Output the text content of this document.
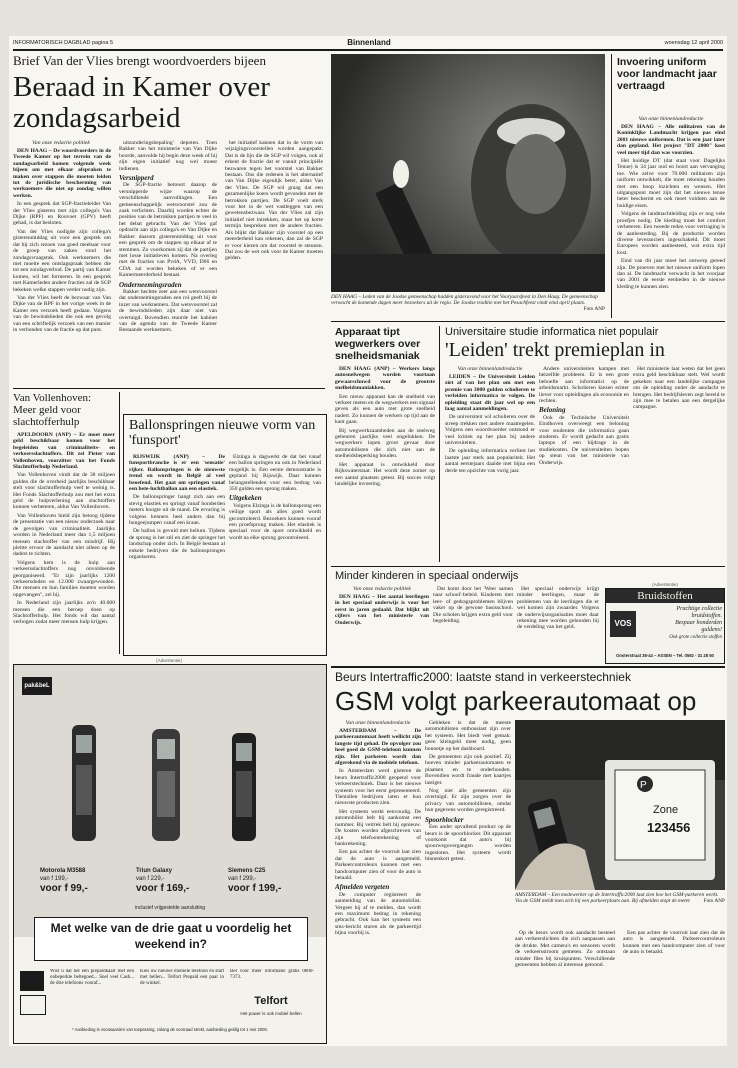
INFORMATORISCH DAGBLAD pagina 5	Binnenland	woensdag 12 april 2000
Brief Van der Vlies brengt woordvoerders bijeen
Beraad in Kamer over zondagsarbeid
Van onze redactie politiek

DEN HAAG – De woordvoerders in de Tweede Kamer op het terrein van de zondagsarbeid komen volgende week bijeen om met elkaar afspraken te maken over stappen die moeten leiden tot de juridische bescherming van werknemers die niet op zondag willen werken.

In een gesprek dat SGP-fractieleider Van der Vlies gisteren met zijn collega's Van Dijke (RPF) en Rouvoet (GPV) heeft gehad, is dat besloten.

Van der Vlies nodigde zijn collega's gisterenmiddag uit voor een gesprek om dat bij zich rezoen van goed meebaar voor de groep van zaken rond het zondagsvraagstuk. Ook werknemers die met moeite een ontslagspraak hebben die tot een zondagverbod. De partij van Kamer komen, wil het formeren. In een gesprek met Kamerleden andere fracties zal de SGP bekeken welke stappen verder nodig zijn.

Van der Vlies heeft de bezwaar van Van Dijke van de RPF in het vorige week in de Kamer een verzoek heeft gedaan. Volgens van de bewindslieden die ook een gevolg van een schriftelijk verzoek van een manier in verbonden van de fractie op dat punt.

uitzonderingsbepaling' depoten. Toen Bakker van het ministerie van Van Dijke hoorde, aanvulde hij begin deze week of hij zijn eigen initiatief nog wel moest indienen.

Versnipperd

De SGP-fractie betreurt daarop de versnipperde wijze waarop de verschillende aanvullingen. Een gemeenschappelijk wetsvoorstel zou de zaak verlichten. Daarbij worden echter de posities van de betrokken partijen te veel in het debat gebracht. Van der Vlies gaf opdracht aan zijn collega's en Van Dijke en Bakker daarom gisterenmiddag uit voor een gesprek om de stappen op elkaar af te stemmen. Zo voorkomen zij dat de partijen met losse initiatieven komen. Na overleg met de fracties van PvdA, VVD, D66 en CDA zal worden bekeken of er een Kamermeerderheid bestaat.

Onderneemingsraden

Bakker hechtte zeer aan een wetsvoorstel dat ondernemingsraden een rol geeft bij de inzet van werknemers. Dat wetsvoorstel zal de bewindslieden zijn daar niet van overtuigd. Bovendien stuurde het kabinet van de agenda van de Tweede Kamer Bestaande werknemers.

het initiatief kannen dat in de vorm van wijzigingsvoorstellen worden aangepakt. Dat is de lijn die de SGP wil volgen, ook al erkent de fractie dat er vanuit principiële bezwaren tegen het voorstel van Bakker bestaan. Ons die redenen is het alternatief van Van Dijke eigenlijk beter, aldus Van der Vlies. De SGP wil graag dat een gezamenlijke koers wordt gevonden met de betrokken partijen. De SGP voelt sterk voor het in de wet vastleggen van een gewetensbezwaar. Van der Vlies zal zijn initiatief niet intrekken, maar het op korte termijn bespreken met de andere fracties. Als blijkt dat Bakker zijn voorstel op een meerderheid kan rekenen, dan zal de SGP er voor kiezen om dat voorstel te steunen. Dat zou de wet ook voor de Kamer moeten gelden.

DEN HAAG – Leden van de Joodse gemeenschap hadden gisteravond voor het Voorjaarsfeest in Den Haag. De gemeenschap verwacht de komende dagen meer bezoekers uit de regio. De Joodse traditie met het Pesachfeest vindt eind april plaats.
Foto ANP
Invoering uniform voor landmacht jaar vertraagd
Van onze binnenlandredactie

DEN HAAG – Alle militairen van de Koninklijke Landmacht krijgen pas eind 2001 nieuwe uniformen. Dat is een jaar later dan gepland. Het project "DT 2000" kost veel meer tijd dan was voorzien.

Het huidige DT (dat staat voor Dagelijks Tenue) is 34 jaar oud en hoort aan vervanging toe. Wie zelve voor 70.000 militairen zijn uniform ontwikkelt, die moet rekening houden met een hoop inzichten en wensen. Het uitgangspunt moet zijn dat het nieuwe tenue beter beschermt en ook moet voldoen aan de huidige eisen.

Volgens de landmachtleiding zijn er nog vele proefjes nodig. De kleding moet het comfort verbeteren. Een tweede reden voor vertraging is de aanbesteding. Bij de productie worden diverse leveranciers ingeschakeld. Dit moet Europees worden aanbesteed, wat extra tijd kost.

Eind van dit jaar moet het ontwerp gereed zijn. De proeven met het nieuwe uniform lopen dan al. De landmacht verwacht in het voorjaar van 2001 de eerste eenheden in de nieuwe kleding te kunnen zien.

Van Vollenhoven: Meer geld voor slachtofferhulp

APELDOORN (ANP) – Er moet meer geld beschikbaar komen voor het begeleiden van criminaliteits- en verkeersslachtoffers. Dit zei Pieter van Vollenhoven, voorzitter van het Fonds Slachtofferhulp Nederland.

Van Vollenhoven vindt dat de 38 miljoen gulden die de overheid jaarlijks beschikbaar stelt voor slachtofferhulp veel te weinig is. Het Fonds Slachtofferhulp zou met het extra geld de hulpverlening aan slachtoffers kunnen verbeteren, aldus Van Vollenhoven.

Van Vollenhoven hield zijn betoog tijdens de presentatie van een nieuw onderzoek naar de gevolgen van criminaliteit. Jaarlijks worden in Nederland meer dan 1,5 miljoen mensen slachtoffer van een misdrijf. Hij pleitte ervoor de aandacht niet alleen op de daders te richten.

Volgens hem is de hulp aan verkeersslachtoffers nog onvoldoende georganiseerd. "Er zijn jaarlijks 1200 verkeersdoden en 12.000 zwaargewonden. Die mensen en hun families moeten worden opgevangen", zei hij.

In Nederland zijn jaarlijks zo'n 40.000 mensen die een beroep doen op Slachtofferhulp. Het fonds wil dat aantal verhogen zodat meer mensen hulp krijgen.

Ballonspringen nieuwe vorm van 'funsport'

RIJSWIJK (ANP) – De funsportbranche is er een 'sensatie' rijker. Ballonspringen is de nieuwste trend en wordt in België al veel beoefend. Het gaat om springen vanaf een hete-luchtballon aan een elastiek.

De ballonspringer hangt zich aan een stevig elastiek en springt vanaf honderden meters hoogte uit de mand. De ervaring is volgens kenners heel anders dan bij bungeejumpen vanaf een kraan.

De ballon is gevuld met helium. Tijdens de sprong is het stil en ziet de springer het landschap onder zich. In België bestaan al enkele bedrijven die de ballonsprongen organiseren.

Elzinga is dagwerkt de dat het vanaf een ballon springen nu ook in Nederland mogelijk is. Een eerste demonstratie is gepland bij Rijswijk. Daar kunnen belangstellenden voor een bedrag van 350 gulden een sprong maken.

Uitgekeken

Volgens Elzinga is de ballonsprong een veilige sport als alles goed wordt gecontroleerd. Bezoekers kunnen vooraf een proefsprong maken. Het elastiek is speciaal voor de sport ontwikkeld en wordt na elke sprong gecontroleerd.

Apparaat tipt wegwerkers over snelheidsmaniak

DEN HAAG (ANP) – Werkers langs autosnelwegen worden voortaan gewaarschuwd voor de grootste snelheidsmaniakken.

Een nieuw apparaat kan de snelheid van verkeer meten en de wegwerkers een signaal geven als een auto met grote snelheid nadert. Zo kunnen de werkers op tijd aan de kant gaan.

Bij wegwerkzaamheden aan de snelweg gebeuren jaarlijks veel ongelukken. De wegwerkers lopen groot gevaar door automobilisten die zich niet aan de snelheidsbeperking houden.

Het apparaat is ontwikkeld door Rijkswaterstaat. Het wordt deze zomer op een aantal plaatsen getest. Bij succes volgt landelijke invoering.

Universitaire studie informatica niet populair
'Leiden' trekt premieplan in
Van onze binnenlandredactie

LEIDEN – De Universiteit Leiden ziet af van het plan om met een premie van 3000 gulden scholieren te verleiden informatica te volgen. De opleiding staat dit jaar wel op een laag aantal aanmeldingen.

De universiteit wil scholieren over de streep trekken met andere maatregelen. Volgens een woordvoerder ontstond er veel kritiek op het plan bij andere universiteiten.

De opleiding informatica verliest het laatste jaar sterk aan populariteit. Het aantal eerstejaars daalde met bijna een derde ten opzichte van vorig jaar.

Andere universiteiten kampen met hetzelfde probleem. Er is een grote behoefte aan informatici op de arbeidsmarkt. Scholieren kiezen echter liever voor opleidingen als economie en rechten.

Beloning

Ook de Technische Universiteit Eindhoven overweegt een beloning voor studenten die informatica gaan studeren. Er wordt gedacht aan gratis laptops of een bijdrage in de studiekosten. De universiteiten hopen op steun van het ministerie van Onderwijs.

Het ministerie laat weten dat het geen extra geld beschikbaar stelt. Wel wordt gekeken naar een landelijke campagne om de opleiding onder de aandacht te brengen. Het bedrijfsleven zegt bereid te zijn mee te betalen aan een dergelijke campagne.

Minder kinderen in speciaal onderwijs
Van onze redactie politiek

DEN HAAG – Het aantal leerlingen in het speciaal onderwijs is voor het eerst in jaren gedaald. Dat blijkt uit cijfers van het ministerie van Onderwijs.

Dat komt door het 'Weer samen naar school'-beleid. Kinderen met leer- of gedragsproblemen blijven vaker op de gewone basisschool. Die scholen krijgen extra geld voor begeleiding.

Het speciaal onderwijs krijgt minder leerlingen, maar de problemen van de leerlingen die er wel komen zijn zwaarder. Volgens de onderwijsorganisaties moet daar rekening mee worden gehouden bij de verdeling van het geld.

(Advertentie)
Bruidstoffen
VOS
Prachtige collectie
bruidstoffen.
Bespaar honderden
guldens!
Ook grote collectie stoffen
Oosterstraat 38-44 – ASSEN – Tel. 0592 - 31 28 50
(Advertentie)
pak&beL
Motorola M3588
van f 199,-
voor f 99,-
Triun Galaxy
van f 229,-
voor f 169,-
Siemens C25
van f 299,-
voor f 199,-
inclusief vrijgestelde aansluiting
Met welke van de drie gaat u voordelig het weekend in?
Wist u dat het een prepaidkaart met een onbeperkte beltegoed... Snel veel Cash... de drie telefoons vooraf...
Kies uw nieuwe mobiele telefoon en start met bellen... Telfort Prepaid een paar in de winkel.
Bel voor meer informatie gratis 0800-7373.
Telfort
Het power is ook mobiel bellen
* Aanbieding is voorwaarden van toepassing, zolang de voorraad strekt, aanbieding geldig tot 1 mei 2000.
Beurs Intertraffic2000: laatste stand in verkeerstechniek
GSM volgt parkeerautomaat op
Van onze binnenlandredactie

AMSTERDAM – De parkeerautomaat heeft wellicht zijn langste tijd gehad. De opvolger zou heel goed de GSM-telefoon kunnen zijn. Het parkeren wordt dan afgerekend via de mobiele telefoon.

In Amsterdam werd gisteren de beurs Intertraffic2000 geopend voor verkeerstechniek. Daar is het nieuwe systeem voor het eerst gepresenteerd. Tientallen bedrijven laten er hun nieuwste producten zien.

Het systeem werkt eenvoudig. De automobilist belt bij aankomst een nummer. Bij vertrek belt hij opnieuw. De kosten worden afgeschreven van zijn telefoonrekening of bankrekening.

Een pas achter de voorruit laat zien dat de auto is aangemeld. Parkeercontroleurs kunnen met een handcomputer zien of voor de auto is betaald.

Afmelden vergeten

De computer registreert de aanmelding van de automobilist. Vergeet hij af te melden, dan wordt een maximum bedrag in rekening gebracht. Ook kan het systeem een sms-bericht sturen als de parkeertijd bijna voorbij is.

Gebleken is dat de meeste automobilisten enthousiast zijn over het systeem. Het biedt veel gemak: geen kleingeld meer nodig, geen bonnetje op het dashboard.

De gemeenten zijn ook positief. Zij hoeven minder parkeerautomaten te plaatsen en te onderhouden. Bovendien wordt fraude met kaartjes lastiger.

Nog niet alle gemeenten zijn overtuigd. Er zijn zorgen over de privacy van automobilisten, omdat hun gegevens worden geregistreerd.

Spoorblocker

Een ander opvallend product op de beurs is de spoorblocker. Dit apparaat voorkomt dat auto's bij spoorwegovergangen worden ingesloten. Het systeem wordt binnenkort getest.

P
Zone
123456
AMSTERDAM – Een medewerker op de Intertraffic2000 laat zien hoe het GSM-parkeren werkt. Via de GSM meldt men zich bij een parkeerplaats aan. Bij afmelden stopt de meter. Foto ANP

Op de beurs wordt ook aandacht besteed aan verkeerslichten die zich aanpassen aan de drukte. Met camera's en sensoren wordt de verkeersstroom gemeten. Zo ontstaan minder files bij kruispunten. Verschillende gemeenten hebben al interesse getoond.

Een pas achter de voorruit laat zien dat de auto is aangemeld. Parkeercontroleurs kunnen met een handcomputer zien of voor de auto is betaald.
